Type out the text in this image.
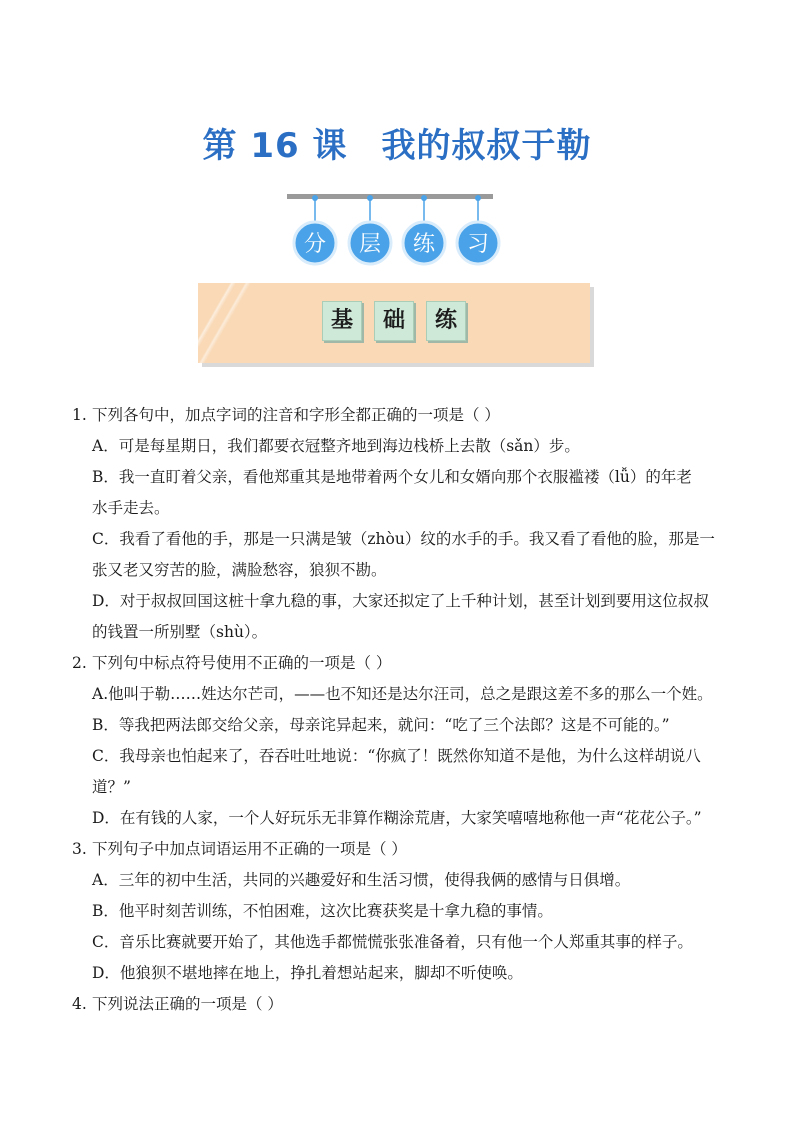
第 16 课 我的叔叔于勒
分 层 练 习
基 础 练

1. 下列各句中，加点字词的注音和字形全都正确的一项是（ ）

A．可是每星期日，我们都要衣冠整齐地到海边栈桥上去散（sǎn）步。

B．我一直盯着父亲，看他郑重其是地带着两个女儿和女婿向那个衣服褴褛（lǚ）的年老

水手走去。

C．我看了看他的手，那是一只满是皱（zhòu）纹的水手的手。我又看了看他的脸，那是一

张又老又穷苦的脸，满脸愁容，狼狈不勘。

D．对于叔叔回国这桩十拿九稳的事，大家还拟定了上千种计划，甚至计划到要用这位叔叔

的钱置一所别墅（shù）。

2. 下列句中标点符号使用不正确的一项是（ ）

A.他叫于勒……姓达尔芒司，——也不知还是达尔汪司，总之是跟这差不多的那么一个姓。

B．等我把两法郎交给父亲，母亲诧异起来，就问：“吃了三个法郎？这是不可能的。”

C．我母亲也怕起来了，吞吞吐吐地说：“你疯了！既然你知道不是他，为什么这样胡说八

道？”

D．在有钱的人家，一个人好玩乐无非算作糊涂荒唐，大家笑嘻嘻地称他一声“花花公子。”

3. 下列句子中加点词语运用不正确的一项是（ ）

A．三年的初中生活，共同的兴趣爱好和生活习惯，使得我俩的感情与日俱增。

B．他平时刻苦训练，不怕困难，这次比赛获奖是十拿九稳的事情。

C．音乐比赛就要开始了，其他选手都慌慌张张准备着，只有他一个人郑重其事的样子。

D．他狼狈不堪地摔在地上，挣扎着想站起来，脚却不听使唤。

4. 下列说法正确的一项是（ ）
